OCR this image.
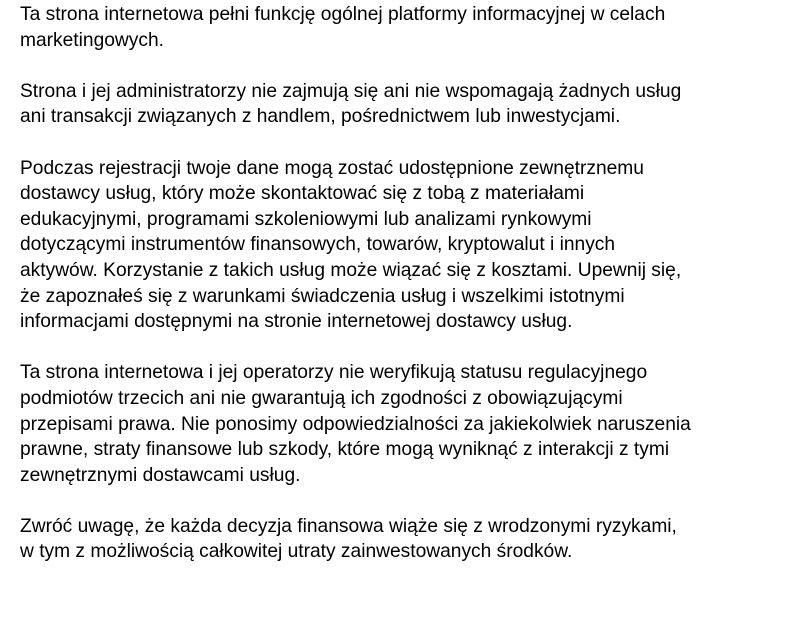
Ta strona internetowa pełni funkcję ogólnej platformy informacyjnej w celach
marketingowych.

Strona i jej administratorzy nie zajmują się ani nie wspomagają żadnych usług
ani transakcji związanych z handlem, pośrednictwem lub inwestycjami.

Podczas rejestracji twoje dane mogą zostać udostępnione zewnętrznemu
dostawcy usług, który może skontaktować się z tobą z materiałami
edukacyjnymi, programami szkoleniowymi lub analizami rynkowymi
dotyczącymi instrumentów finansowych, towarów, kryptowalut i innych
aktywów. Korzystanie z takich usług może wiązać się z kosztami. Upewnij się,
że zapoznałeś się z warunkami świadczenia usług i wszelkimi istotnymi
informacjami dostępnymi na stronie internetowej dostawcy usług.

Ta strona internetowa i jej operatorzy nie weryfikują statusu regulacyjnego
podmiotów trzecich ani nie gwarantują ich zgodności z obowiązującymi
przepisami prawa. Nie ponosimy odpowiedzialności za jakiekolwiek naruszenia
prawne, straty finansowe lub szkody, które mogą wyniknąć z interakcji z tymi
zewnętrznymi dostawcami usług.

Zwróć uwagę, że każda decyzja finansowa wiąże się z wrodzonymi ryzykami,
w tym z możliwością całkowitej utraty zainwestowanych środków.
